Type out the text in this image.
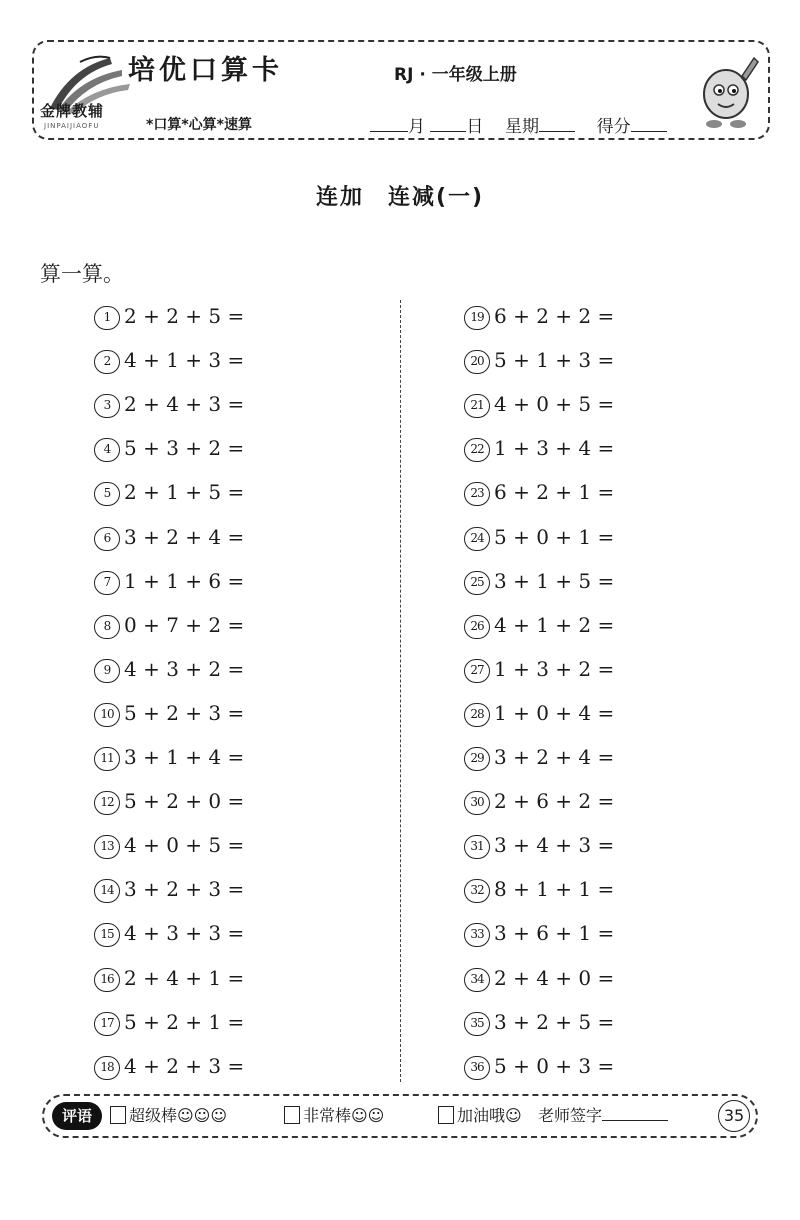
金牌教辅
JINPAIJIAOFU
培优口算卡	RJ · 一年级上册
*口算*心算*速算	月 日 星期	得分
连加　连减(一)
算一算。
1 2 + 2 + 5 =
2 4 + 1 + 3 =
3 2 + 4 + 3 =
4 5 + 3 + 2 =
5 2 + 1 + 5 =
6 3 + 2 + 4 =
7 1 + 1 + 6 =
8 0 + 7 + 2 =
9 4 + 3 + 2 =
10 5 + 2 + 3 =
11 3 + 1 + 4 =
12 5 + 2 + 0 =
13 4 + 0 + 5 =
14 3 + 2 + 3 =
15 4 + 3 + 3 =
16 2 + 4 + 1 =
17 5 + 2 + 1 =
18 4 + 2 + 3 =
19 6 + 2 + 2 =
20 5 + 1 + 3 =
21 4 + 0 + 5 =
22 1 + 3 + 4 =
23 6 + 2 + 1 =
24 5 + 0 + 1 =
25 3 + 1 + 5 =
26 4 + 1 + 2 =
27 1 + 3 + 2 =
28 1 + 0 + 4 =
29 3 + 2 + 4 =
30 2 + 6 + 2 =
31 3 + 4 + 3 =
32 8 + 1 + 1 =
33 3 + 6 + 1 =
34 2 + 4 + 0 =
35 3 + 2 + 5 =
36 5 + 0 + 3 =
评语	超级棒☺☺☺	非常棒☺☺	加油哦☺ 老师签字	35
